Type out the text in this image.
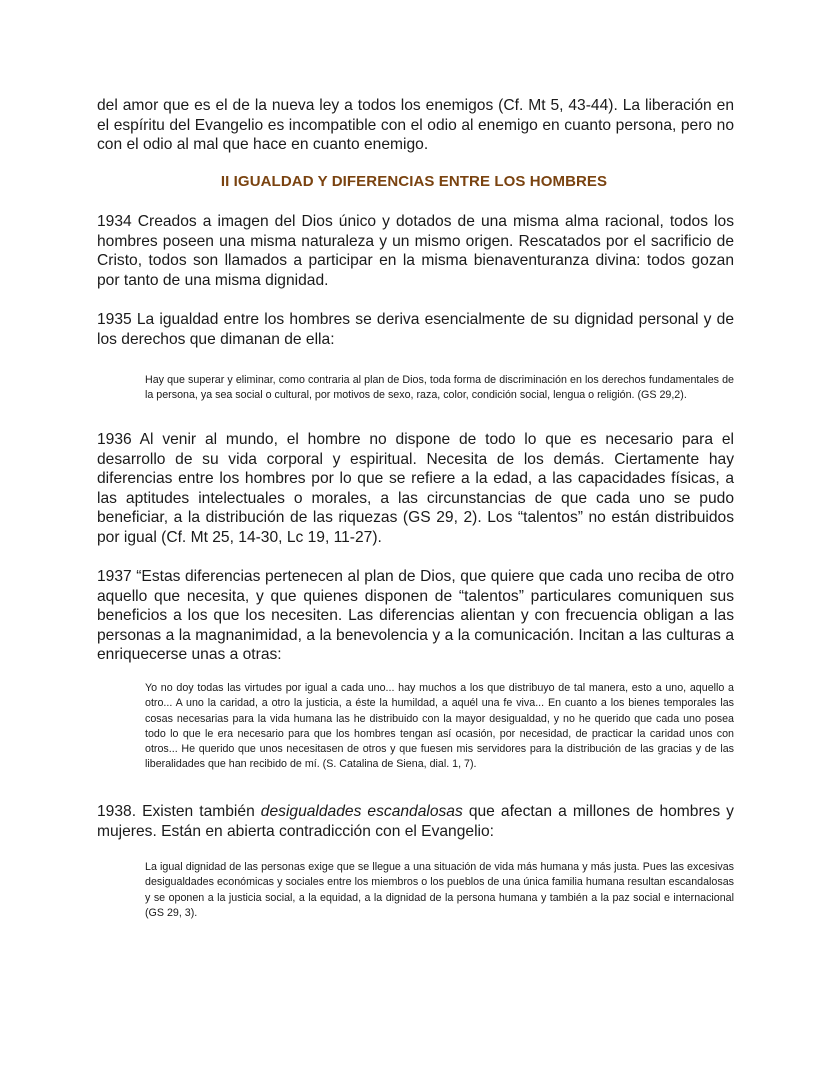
del amor que es el de la nueva ley a todos los enemigos (Cf. Mt 5, 43-44). La liberación en el espíritu del Evangelio es incompatible con el odio al enemigo en cuanto persona, pero no con el odio al mal que hace en cuanto enemigo.

II IGUALDAD Y DIFERENCIAS ENTRE LOS HOMBRES

1934 Creados a imagen del Dios único y dotados de una misma alma racional, todos los hombres poseen una misma naturaleza y un mismo origen. Rescatados por el sacrificio de Cristo, todos son llamados a participar en la misma bienaventuranza divina: todos gozan por tanto de una misma dignidad.

1935 La igualdad entre los hombres se deriva esencialmente de su dignidad personal y de los derechos que dimanan de ella:

Hay que superar y eliminar, como contraria al plan de Dios, toda forma de discriminación en los derechos fundamentales de la persona, ya sea social o cultural, por motivos de sexo, raza, color, condición social, lengua o religión. (GS 29,2).

1936 Al venir al mundo, el hombre no dispone de todo lo que es necesario para el desarrollo de su vida corporal y espiritual. Necesita de los demás. Ciertamente hay diferencias entre los hombres por lo que se refiere a la edad, a las capacidades físicas, a las aptitudes intelectuales o morales, a las circunstancias de que cada uno se pudo beneficiar, a la distribución de las riquezas (GS 29, 2). Los “talentos” no están distribuidos por igual (Cf. Mt 25, 14-30, Lc 19, 11-27).

1937 “Estas diferencias pertenecen al plan de Dios, que quiere que cada uno reciba de otro aquello que necesita, y que quienes disponen de “talentos” particulares comuniquen sus beneficios a los que los necesiten. Las diferencias alientan y con frecuencia obligan a las personas a la magnanimidad, a la benevolencia y a la comunicación. Incitan a las culturas a enriquecerse unas a otras:

Yo no doy todas las virtudes por igual a cada uno... hay muchos a los que distribuyo de tal manera, esto a uno, aquello a otro... A uno la caridad, a otro la justicia, a éste la humildad, a aquél una fe viva... En cuanto a los bienes temporales las cosas necesarias para la vida humana las he distribuido con la mayor desigualdad, y no he querido que cada uno posea todo lo que le era necesario para que los hombres tengan así ocasión, por necesidad, de practicar la caridad unos con otros... He querido que unos necesitasen de otros y que fuesen mis servidores para la distribución de las gracias y de las liberalidades que han recibido de mí. (S. Catalina de Siena, dial. 1, 7).

1938. Existen también desigualdades escandalosas que afectan a millones de hombres y mujeres. Están en abierta contradicción con el Evangelio:

La igual dignidad de las personas exige que se llegue a una situación de vida más humana y más justa. Pues las excesivas desigualdades económicas y sociales entre los miembros o los pueblos de una única familia humana resultan escandalosas y se oponen a la justicia social, a la equidad, a la dignidad de la persona humana y también a la paz social e internacional (GS 29, 3).
